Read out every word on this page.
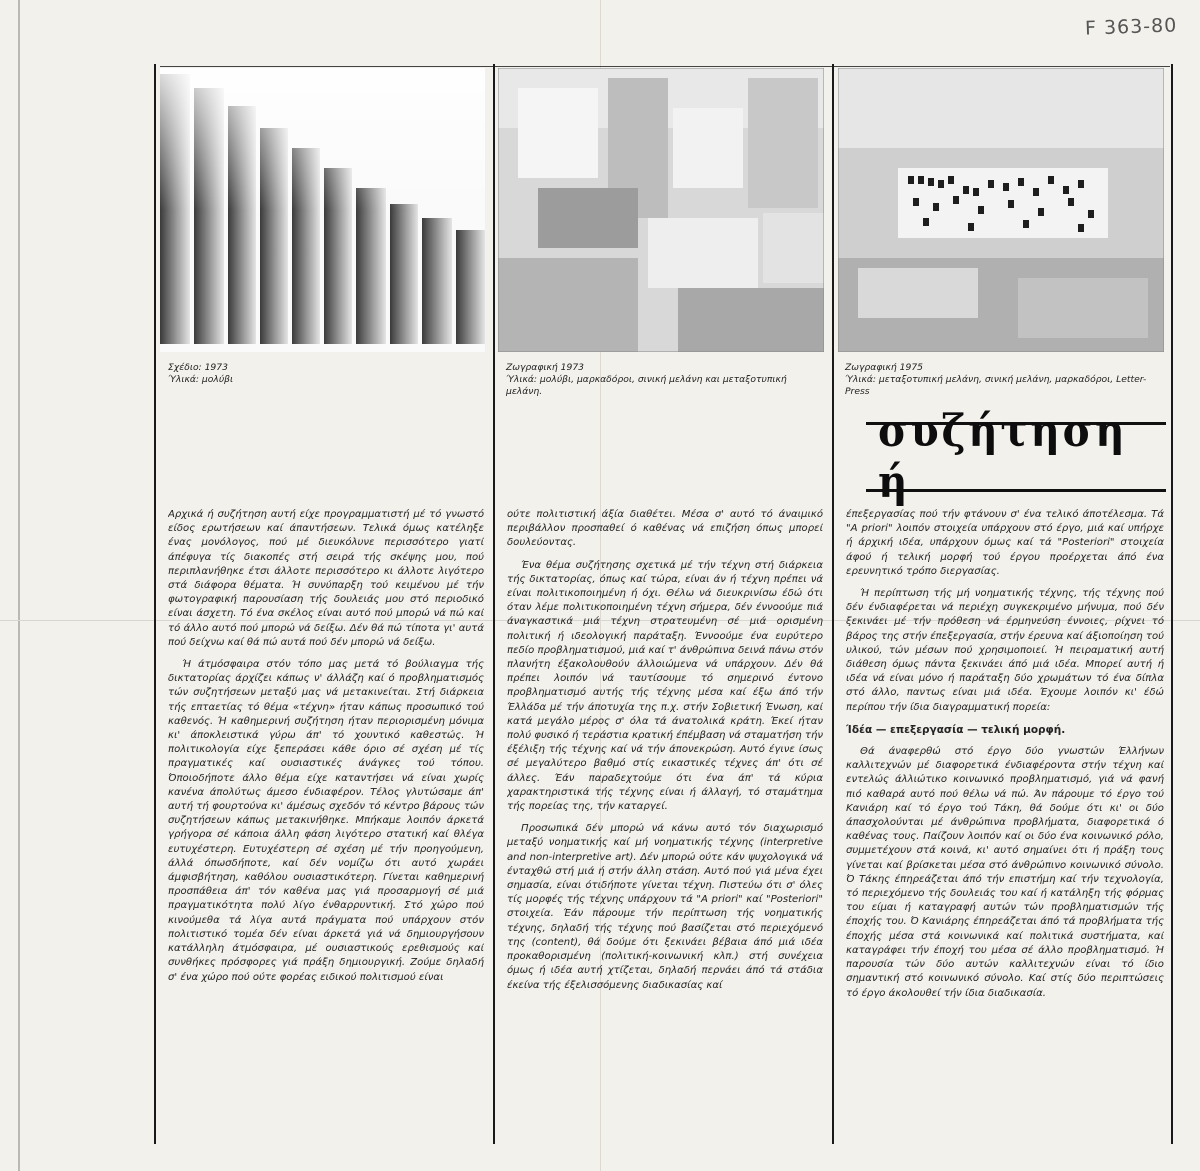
F 363-80
Σχέδιο: 1973
Ύλικά: μολύβι
Ζωγραφική 1973
Ύλικά: μολύβι, μαρκαδόροι, σινική μελάνη και μεταξοτυπική μελάνη.
Ζωγραφική 1975
Ύλικά: μεταξοτυπική μελάνη, σινική μελάνη, μαρκαδόροι, Letter-Press
συζήτηση ή

Αρχικά ή συζήτηση αυτή είχε προγραμματιστή μέ τό γνωστό είδος ερωτήσεων καί άπαντήσεων. Τελικά όμως κατέληξε ένας μονόλογος, πού μέ διευκόλυνε περισσότερο γιατί άπέφυγα τίς διακοπές στή σειρά τής σκέψης μου, πού περιπλανήθηκε έτσι άλλοτε περισσότερο κι άλλοτε λιγότερο στά διάφορα θέματα. Ή συνύπαρξη τού κειμένου μέ τήν φωτογραφική παρουσίαση τής δουλειάς μου στό περιοδικό είναι άσχετη. Τό ένα σκέλος είναι αυτό πού μπορώ νά πώ καί τό άλλο αυτό πού μπορώ νά δείξω. Δέν θά πώ τίποτα γι' αυτά πού δείχνω καί θά πώ αυτά πού δέν μπορώ νά δείξω.

Ή άτμόσφαιρα στόν τόπο μας μετά τό βούλιαγμα τής δικτατορίας άρχίζει κάπως ν' άλλάζη καί ό προβληματισμός τών συζητήσεων μεταξύ μας νά μετακινείται. Στή διάρκεια τής επταετίας τό θέμα «τέχνη» ήταν κάπως προσωπικό τού καθενός. Ή καθημερινή συζήτηση ήταν περιορισμένη μόνιμα κι' άποκλειστικά γύρω άπ' τό χουντικό καθεστώς. Ή πολιτικολογία είχε ξεπεράσει κάθε όριο σέ σχέση μέ τίς πραγματικές καί ουσιαστικές άνάγκες τού τόπου. Όποιοδήποτε άλλο θέμα είχε καταντήσει νά είναι χωρίς κανένα άπολύτως άμεσο ένδιαφέρον. Τέλος γλυτώσαμε άπ' αυτή τή φουρτούνα κι' άμέσως σχεδόν τό κέντρο βάρους τών συζητήσεων κάπως μετακινήθηκε. Μπήκαμε λοιπόν άρκετά γρήγορα σέ κάποια άλλη φάση λιγότερο στατική καί θλέγα ευτυχέστερη. Ευτυχέστερη σέ σχέση μέ τήν προηγούμενη, άλλά όπωσδήποτε, καί δέν νομίζω ότι αυτό χωράει άμφισβήτηση, καθόλου ουσιαστικότερη. Γίνεται καθημερινή προσπάθεια άπ' τόν καθένα μας γιά προσαρμογή σέ μιά πραγματικότητα πολύ λίγο ένθαρρυντική. Στό χώρο πού κινούμεθα τά λίγα αυτά πράγματα πού υπάρχουν στόν πολιτιστικό τομέα δέν είναι άρκετά γιά νά δημιουργήσουν κατάλληλη άτμόσφαιρα, μέ ουσιαστικούς ερεθισμούς καί συνθήκες πρόσφορες γιά πράξη δημιουργική. Ζούμε δηλαδή σ' ένα χώρο πού ούτε φορέας ειδικού πολιτισμού είναι

ούτε πολιτιστική άξία διαθέτει. Μέσα σ' αυτό τό άναιμικό περιβάλλον προσπαθεί ό καθένας νά επιζήση όπως μπορεί δουλεύοντας.

Ένα θέμα συζήτησης σχετικά μέ τήν τέχνη στή διάρκεια τής δικτατορίας, όπως καί τώρα, είναι άν ή τέχνη πρέπει νά είναι πολιτικοποιημένη ή όχι. Θέλω νά διευκρινίσω έδώ ότι όταν λέμε πολιτικοποιημένη τέχνη σήμερα, δέν έννοούμε πιά άναγκαστικά μιά τέχνη στρατευμένη σέ μιά ορισμένη πολιτική ή ιδεολογική παράταξη. Έννοούμε ένα ευρύτερο πεδίο προβληματισμού, μιά καί τ' άνθρώπινα δεινά πάνω στόν πλανήτη έξακολουθούν άλλοιώμενα νά υπάρχουν. Δέν θά πρέπει λοιπόν νά ταυτίσουμε τό σημερινό έντονο προβληματισμό αυτής τής τέχνης μέσα καί έξω άπό τήν Έλλάδα μέ τήν άποτυχία της π.χ. στήν Σοβιετική Ένωση, καί κατά μεγάλο μέρος σ' όλα τά άνατολικά κράτη. Έκεί ήταν πολύ φυσικό ή τεράστια κρατική έπέμβαση νά σταματήση τήν έξέλιξη τής τέχνης καί νά τήν άπονεκρώση. Αυτό έγινε ίσως σέ μεγαλύτερο βαθμό στίς εικαστικές τέχνες άπ' ότι σέ άλλες. Έάν παραδεχτούμε ότι ένα άπ' τά κύρια χαρακτηριστικά τής τέχνης είναι ή άλλαγή, τό σταμάτημα τής πορείας της, τήν καταργεί.

Προσωπικά δέν μπορώ νά κάνω αυτό τόν διαχωρισμό μεταξύ νοηματικής καί μή νοηματικής τέχνης (interpretive and non-interpretive art). Δέν μπορώ ούτε κάν ψυχολογικά νά ένταχθώ στή μιά ή στήν άλλη στάση. Αυτό πού γιά μένα έχει σημασία, είναι ότιδήποτε γίνεται τέχνη. Πιστεύω ότι σ' όλες τίς μορφές τής τέχνης υπάρχουν τά "A priori" καί "Posteriori" στοιχεία. Έάν πάρουμε τήν περίπτωση τής νοηματικής τέχνης, δηλαδή τής τέχνης πού βασίζεται στό περιεχόμενό της (content), θά δούμε ότι ξεκινάει βέβαια άπό μιά ιδέα προκαθορισμένη (πολιτική-κοινωνική κλπ.) στή συνέχεια όμως ή ιδέα αυτή χτίζεται, δηλαδή περνάει άπό τά στάδια έκείνα τής έξελισσόμενης διαδικασίας καί

έπεξεργασίας πού τήν φτάνουν σ' ένα τελικό άποτέλεσμα. Τά "A priori" λοιπόν στοιχεία υπάρχουν στό έργο, μιά καί υπήρχε ή άρχική ιδέα, υπάρχουν όμως καί τά "Posteriori" στοιχεία άφού ή τελική μορφή τού έργου προέρχεται άπό ένα ερευνητικό τρόπο διεργασίας.

Ή περίπτωση τής μή νοηματικής τέχνης, τής τέχνης πού δέν ένδιαφέρεται νά περιέχη συγκεκριμένο μήνυμα, πού δέν ξεκινάει μέ τήν πρόθεση νά έρμηνεύση έννοιες, ρίχνει τό βάρος της στήν έπεξεργασία, στήν έρευνα καί άξιοποίηση τού υλικού, τών μέσων πού χρησιμοποιεί. Ή πειραματική αυτή διάθεση όμως πάντα ξεκινάει άπό μιά ιδέα. Μπορεί αυτή ή ιδέα νά είναι μόνο ή παράταξη δύο χρωμάτων τό ένα δίπλα στό άλλο, παντως είναι μιά ιδέα. Έχουμε λοιπόν κι' έδώ περίπου τήν ίδια διαγραμματική πορεία:

Ίδέα — επεξεργασία — τελική μορφή.

Θά άναφερθώ στό έργο δύο γνωστών Έλλήνων καλλιτεχνών μέ διαφορετικά ένδιαφέροντα στήν τέχνη καί εντελώς άλλιώτικο κοινωνικό προβληματισμό, γιά νά φανή πιό καθαρά αυτό πού θέλω νά πώ. Άν πάρουμε τό έργο τού Κανιάρη καί τό έργο τού Τάκη, θά δούμε ότι κι' οι δύο άπασχολούνται μέ άνθρώπινα προβλήματα, διαφορετικά ό καθένας τους. Παίζουν λοιπόν καί οι δύο ένα κοινωνικό ρόλο, συμμετέχουν στά κοινά, κι' αυτό σημαίνει ότι ή πράξη τους γίνεται καί βρίσκεται μέσα στό άνθρώπινο κοινωνικό σύνολο. Ό Τάκης έπηρεάζεται άπό τήν επιστήμη καί τήν τεχνολογία, τό περιεχόμενο τής δουλειάς του καί ή κατάληξη τής φόρμας του είμαι ή καταγραφή αυτών τών προβληματισμών τής έποχής του. Ό Κανιάρης έπηρεάζεται άπό τά προβλήματα τής έποχής μέσα στά κοινωνικά καί πολιτικά συστήματα, καί καταγράφει τήν έποχή του μέσα σέ άλλο προβληματισμό. Ή παρουσία τών δύο αυτών καλλιτεχνών είναι τό ίδιο σημαντική στό κοινωνικό σύνολο. Καί στίς δύο περιπτώσεις τό έργο άκολουθεί τήν ίδια διαδικασία.
